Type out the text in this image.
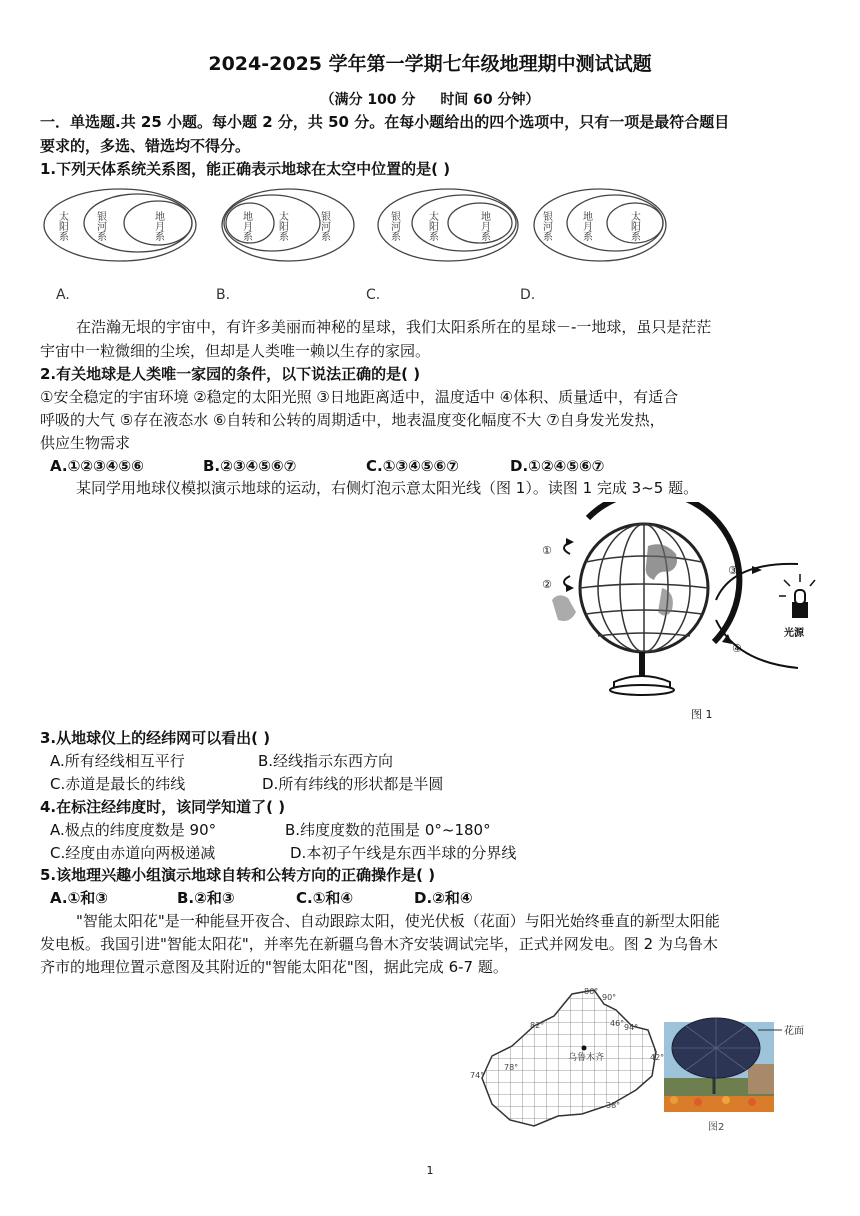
2024-2025 学年第一学期七年级地理期中测试试题
（满分 100 分 时间 60 分钟）
一．单选题.共 25 小题。每小题 2 分，共 50 分。在每小题给出的四个选项中，只有一项是最符合题目
要求的，多选、错选均不得分。
1.下列天体系统关系图，能正确表示地球在太空中位置的是( )
太阳系	银河系	地月系
A.
地月系	太阳系	银河系
B.
银河系	太阳系	地月系
C.
银河系	地月系	太阳系
D.
在浩瀚无垠的宇宙中，有许多美丽而神秘的星球，我们太阳系所在的星球－-一地球，虽只是茫茫
宇宙中一粒微细的尘埃，但却是人类唯一赖以生存的家园。
2.有关地球是人类唯一家园的条件，以下说法正确的是( )
①安全稳定的宇宙环境 ②稳定的太阳光照 ③日地距离适中，温度适中 ④体积、质量适中，有适合
呼吸的大气 ⑤存在液态水 ⑥自转和公转的周期适中，地表温度变化幅度不大 ⑦自身发光发热，
供应生物需求
A.①②③④⑤⑥	B.②③④⑤⑥⑦	C.①③④⑤⑥⑦	D.①②④⑤⑥⑦
某同学用地球仪模拟演示地球的运动，右侧灯泡示意太阳光线（图 1）。读图 1 完成 3~5 题。
①
②
③
④
光源
图 1
3.从地球仪上的经纬网可以看出( )
A.所有经线相互平行	B.经线指示东西方向
C.赤道是最长的纬线	D.所有纬线的形状都是半圆
4.在标注经纬度时，该同学知道了( )
A.极点的纬度度数是 90°	B.纬度度数的范围是 0°~180°
C.经度由赤道向两极递减	D.本初子午线是东西半球的分界线
5.该地理兴趣小组演示地球自转和公转方向的正确操作是( )
A.①和③	B.②和③	C.①和④	D.②和④
"智能太阳花"是一种能昼开夜合、自动跟踪太阳，使光伏板（花面）与阳光始终垂直的新型太阳能
发电板。我国引进"智能太阳花"，并率先在新疆乌鲁木齐安装调试完毕，正式并网发电。图 2 为乌鲁木
齐市的地理位置示意图及其附近的"智能太阳花"图，据此完成 6-7 题。
86°
90°
82°	46° 94°
42°
78°
74°
38°
乌鲁木齐
花面
图2
1
